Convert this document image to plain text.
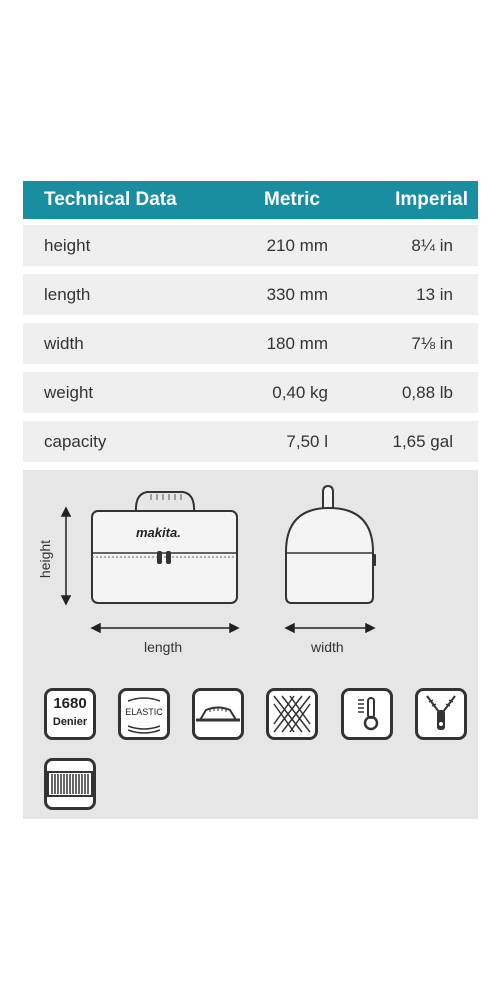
Technical Data	Metric	Imperial
height	210 mm	8¼ in
length	330 mm	13 in
width	180 mm	7⅛ in
weight	0,40 kg	0,88 lb
capacity	7,50 l	1,65 gal
makita.
height
length	width
1680
Denier
ELASTIC
